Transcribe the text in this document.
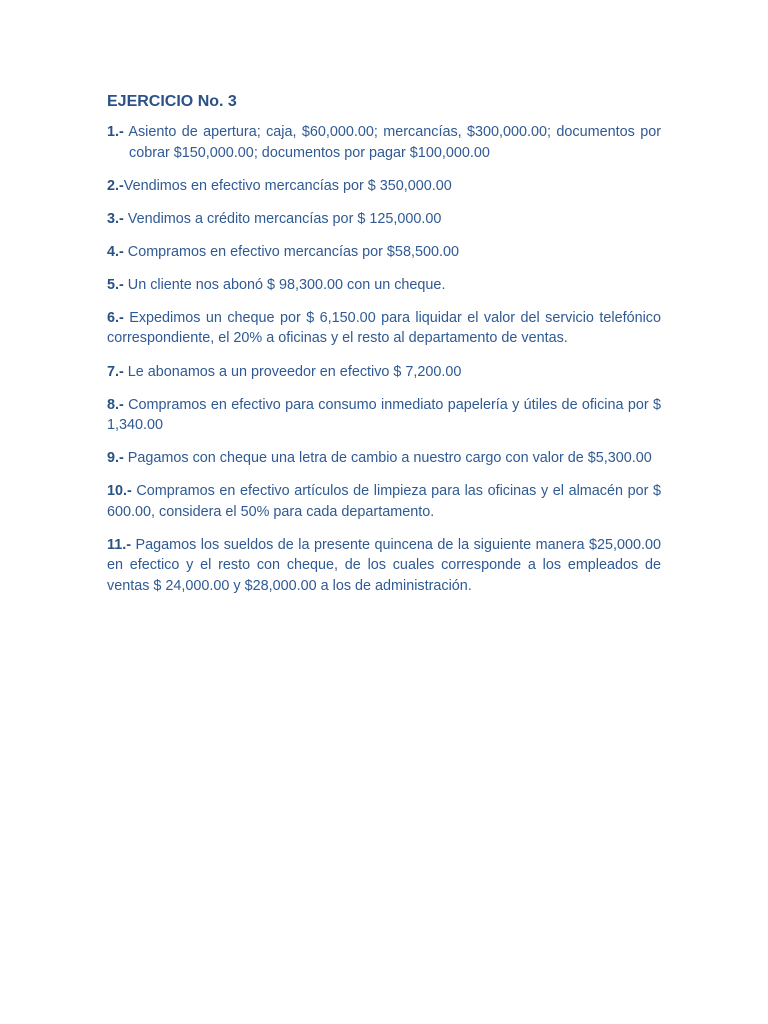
EJERCICIO No. 3

1.- Asiento de apertura; caja, $60,000.00; mercancías, $300,000.00; documentos por cobrar $150,000.00; documentos por pagar $100,000.00

2.-Vendimos en efectivo mercancías por $ 350,000.00

3.- Vendimos a crédito mercancías por $ 125,000.00

4.- Compramos en efectivo mercancías por $58,500.00

5.- Un cliente nos abonó $ 98,300.00 con un cheque.

6.- Expedimos un cheque por $ 6,150.00 para liquidar el valor del servicio telefónico correspondiente, el 20% a oficinas y el resto al departamento de ventas.

7.- Le abonamos a un proveedor en efectivo $ 7,200.00

8.- Compramos en efectivo para consumo inmediato papelería y útiles de oficina por $ 1,340.00

9.- Pagamos con cheque una letra de cambio a nuestro cargo con valor de $5,300.00

10.- Compramos en efectivo artículos de limpieza para las oficinas y el almacén por $ 600.00, considera el 50% para cada departamento.

11.- Pagamos los sueldos de la presente quincena de la siguiente manera $25,000.00 en efectico y el resto con cheque, de los cuales corresponde a los empleados de ventas $ 24,000.00 y $28,000.00 a los de administración.
